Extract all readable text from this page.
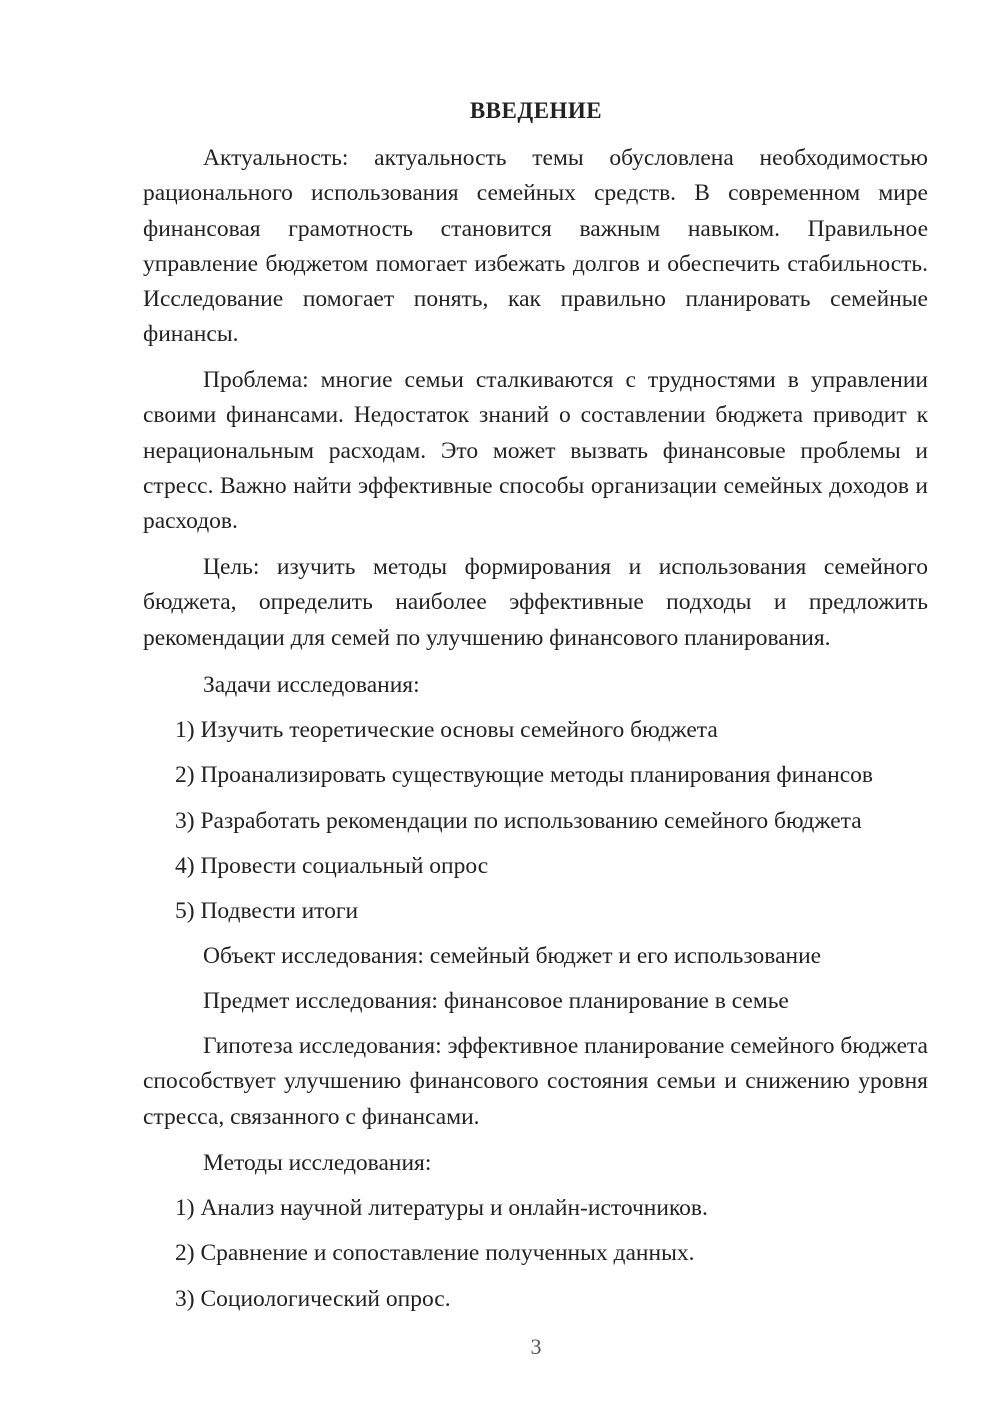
ВВЕДЕНИЕ

Актуальность: актуальность темы обусловлена необходимостью рационального использования семейных средств. В современном мире финансовая грамотность становится важным навыком. Правильное управление бюджетом помогает избежать долгов и обеспечить стабильность. Исследование помогает понять, как правильно планировать семейные финансы.

Проблема: многие семьи сталкиваются с трудностями в управлении своими финансами. Недостаток знаний о составлении бюджета приводит к нерациональным расходам. Это может вызвать финансовые проблемы и стресс. Важно найти эффективные способы организации семейных доходов и расходов.

Цель: изучить методы формирования и использования семейного бюджета, определить наиболее эффективные подходы и предложить рекомендации для семей по улучшению финансового планирования.

Задачи исследования:
1) Изучить теоретические основы семейного бюджета
2) Проанализировать существующие методы планирования финансов
3) Разработать рекомендации по использованию семейного бюджета
4) Провести социальный опрос
5) Подвести итоги
Объект исследования: семейный бюджет и его использование
Предмет исследования: финансовое планирование в семье

Гипотеза исследования: эффективное планирование семейного бюджета способствует улучшению финансового состояния семьи и снижению уровня стресса, связанного с финансами.

Методы исследования:
1) Анализ научной литературы и онлайн-источников.
2) Сравнение и сопоставление полученных данных.
3) Социологический опрос.
3
